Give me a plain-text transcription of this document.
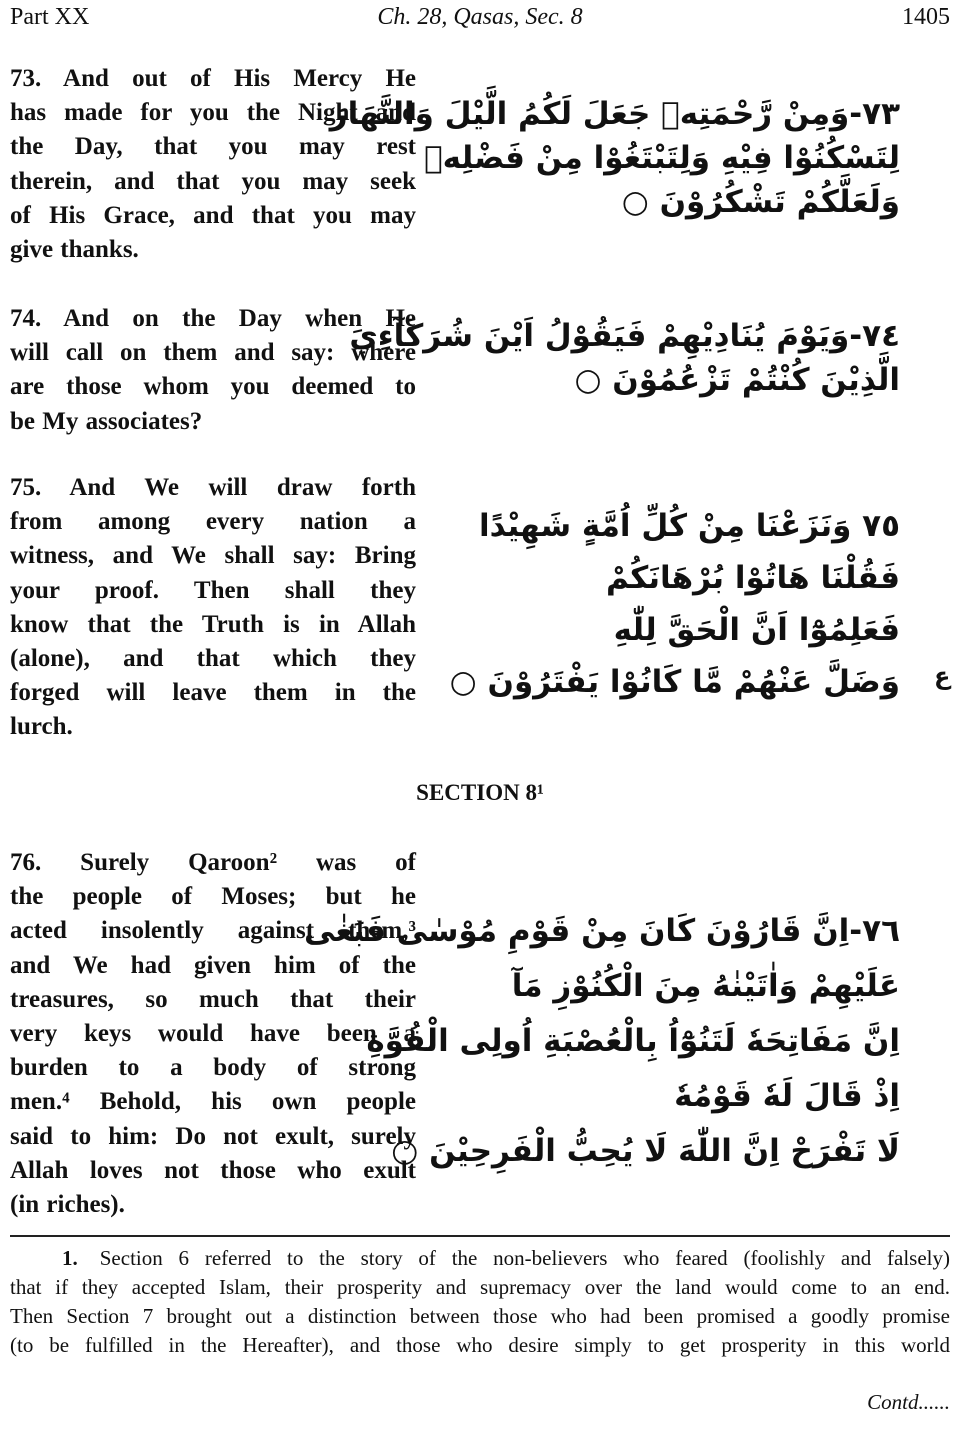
Part XX	Ch. 28, Qasas, Sec. 8	1405
73. And out of His Mercy He
has made for you the Night and
the Day, that you may rest
therein, and that you may seek
of His Grace, and that you may
give thanks.
٧٣-وَمِنْ رَّحْمَتِهٖ جَعَلَ لَكُمُ الَّيْلَ وَالنَّهَارَ
لِتَسْكُنُوْا فِيْهِ وَلِتَبْتَغُوْا مِنْ فَضْلِهٖ
وَلَعَلَّكُمْ تَشْكُرُوْنَ ○
74. And on the Day when He
will call on them and say: where
are those whom you deemed to
be My associates?
٧٤-وَيَوْمَ يُنَادِيْهِمْ فَيَقُوْلُ اَيْنَ شُرَكَآءِيَ
الَّذِيْنَ كُنْتُمْ تَزْعُمُوْنَ ○
75. And We will draw forth
from among every nation a
witness, and We shall say: Bring
your proof. Then shall they
know that the Truth is in Allah
(alone), and that which they
forged will leave them in the
lurch.
٧٥ وَنَزَعْنَا مِنْ كُلِّ اُمَّةٍ شَهِيْدًا
فَقُلْنَا هَاتُوْا بُرْهَانَكُمْ
فَعَلِمُوْٓا اَنَّ الْحَقَّ لِلّٰهِ
وَضَلَّ عَنْهُمْ مَّا كَانُوْا يَفْتَرُوْنَ ○ ع
SECTION 8¹
76. Surely Qaroon² was of
the people of Moses; but he
acted insolently against them,³
and We had given him of the
treasures, so much that their
very keys would have been a
burden to a body of strong
men.⁴ Behold, his own people
said to him: Do not exult, surely
Allah loves not those who exult
(in riches).
٧٦-اِنَّ قَارُوْنَ كَانَ مِنْ قَوْمِ مُوْسٰى فَبَغٰى
عَلَيْهِمْ وَاٰتَيْنٰهُ مِنَ الْكُنُوْزِ مَآ
اِنَّ مَفَاتِحَهٗ لَتَنُوْٓاُ بِالْعُصْبَةِ اُولِى الْقُوَّةِ
اِذْ قَالَ لَهٗ قَوْمُهٗ
لَا تَفْرَحْ اِنَّ اللّٰهَ لَا يُحِبُّ الْفَرِحِيْنَ ○
1. Section 6 referred to the story of the non-believers who feared (foolishly and falsely)
that if they accepted Islam, their prosperity and supremacy over the land would come to an end.
Then Section 7 brought out a distinction between those who had been promised a goodly promise
(to be fulfilled in the Hereafter), and those who desire simply to get prosperity in this world
Contd......
